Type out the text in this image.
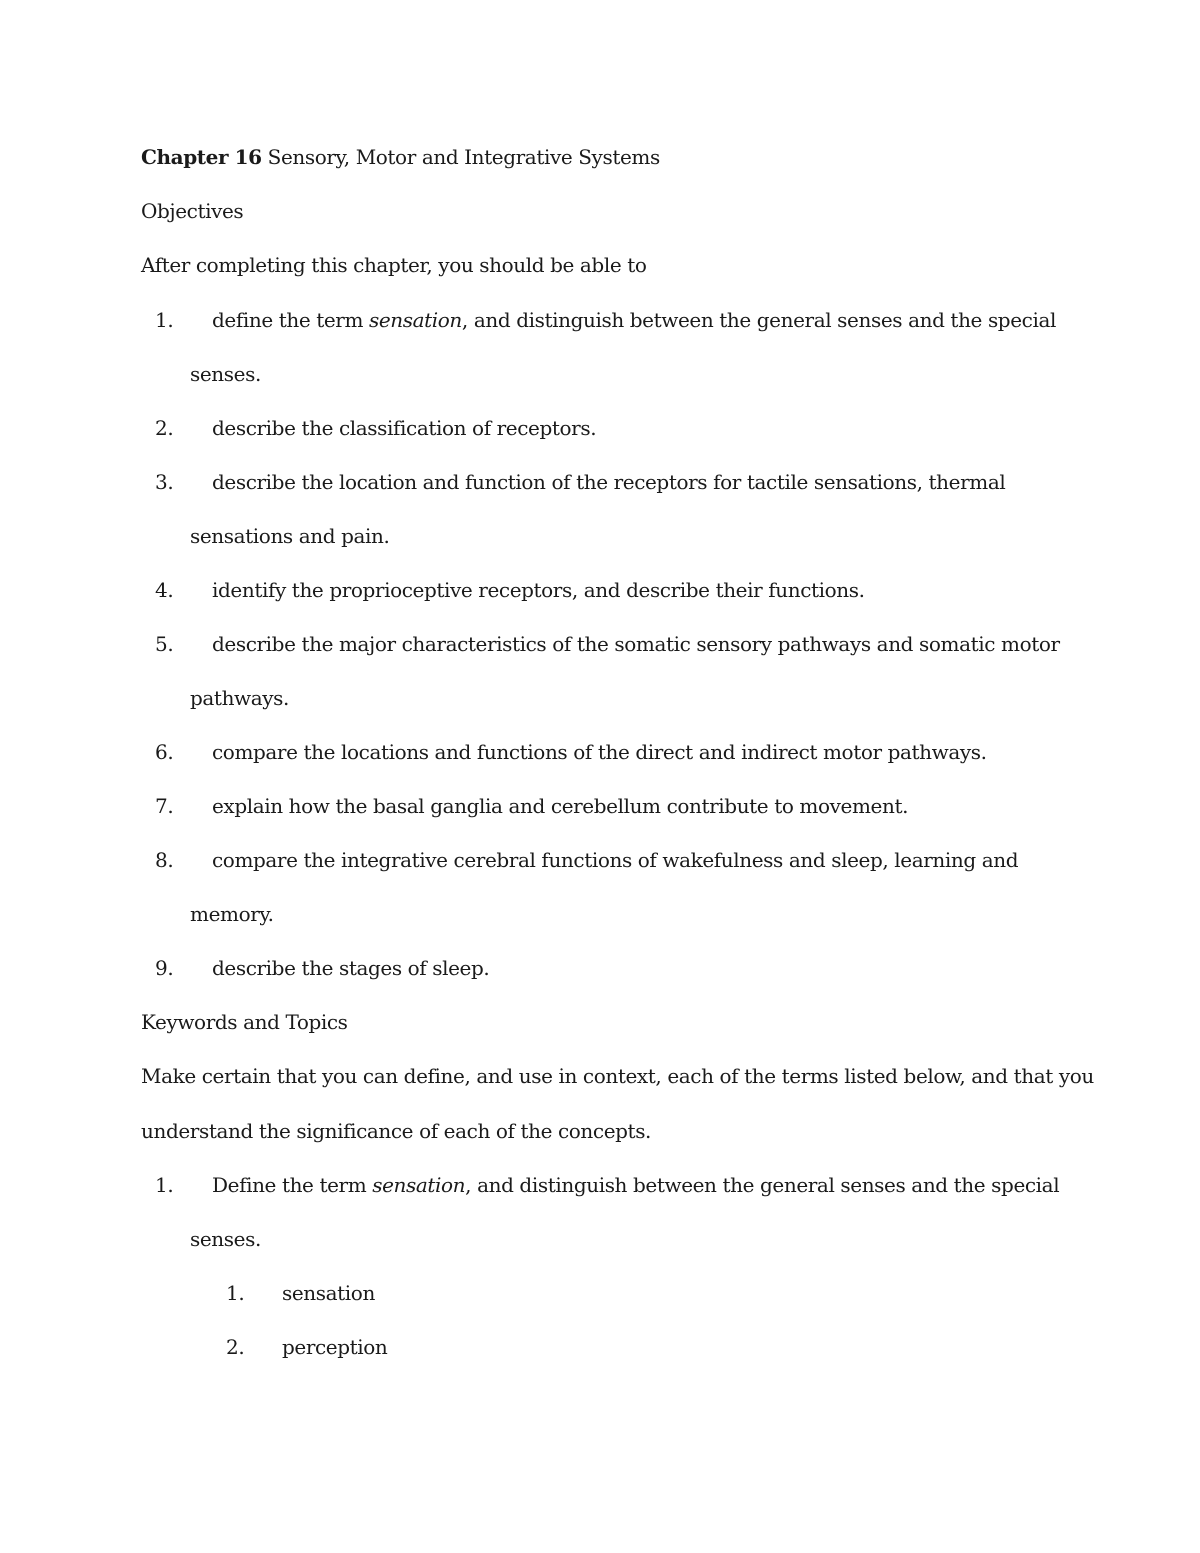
Chapter 16 Sensory, Motor and Integrative Systems
Objectives
After completing this chapter, you should be able to
1. define the term sensation, and distinguish between the general senses and the special
senses.
2. describe the classification of receptors.
3. describe the location and function of the receptors for tactile sensations, thermal
sensations and pain.
4. identify the proprioceptive receptors, and describe their functions.
5. describe the major characteristics of the somatic sensory pathways and somatic motor
pathways.
6. compare the locations and functions of the direct and indirect motor pathways.
7. explain how the basal ganglia and cerebellum contribute to movement.
8. compare the integrative cerebral functions of wakefulness and sleep, learning and
memory.
9. describe the stages of sleep.
Keywords and Topics
Make certain that you can define, and use in context, each of the terms listed below, and that you
understand the significance of each of the concepts.
1. Define the term sensation, and distinguish between the general senses and the special
senses.
1. sensation
2. perception
